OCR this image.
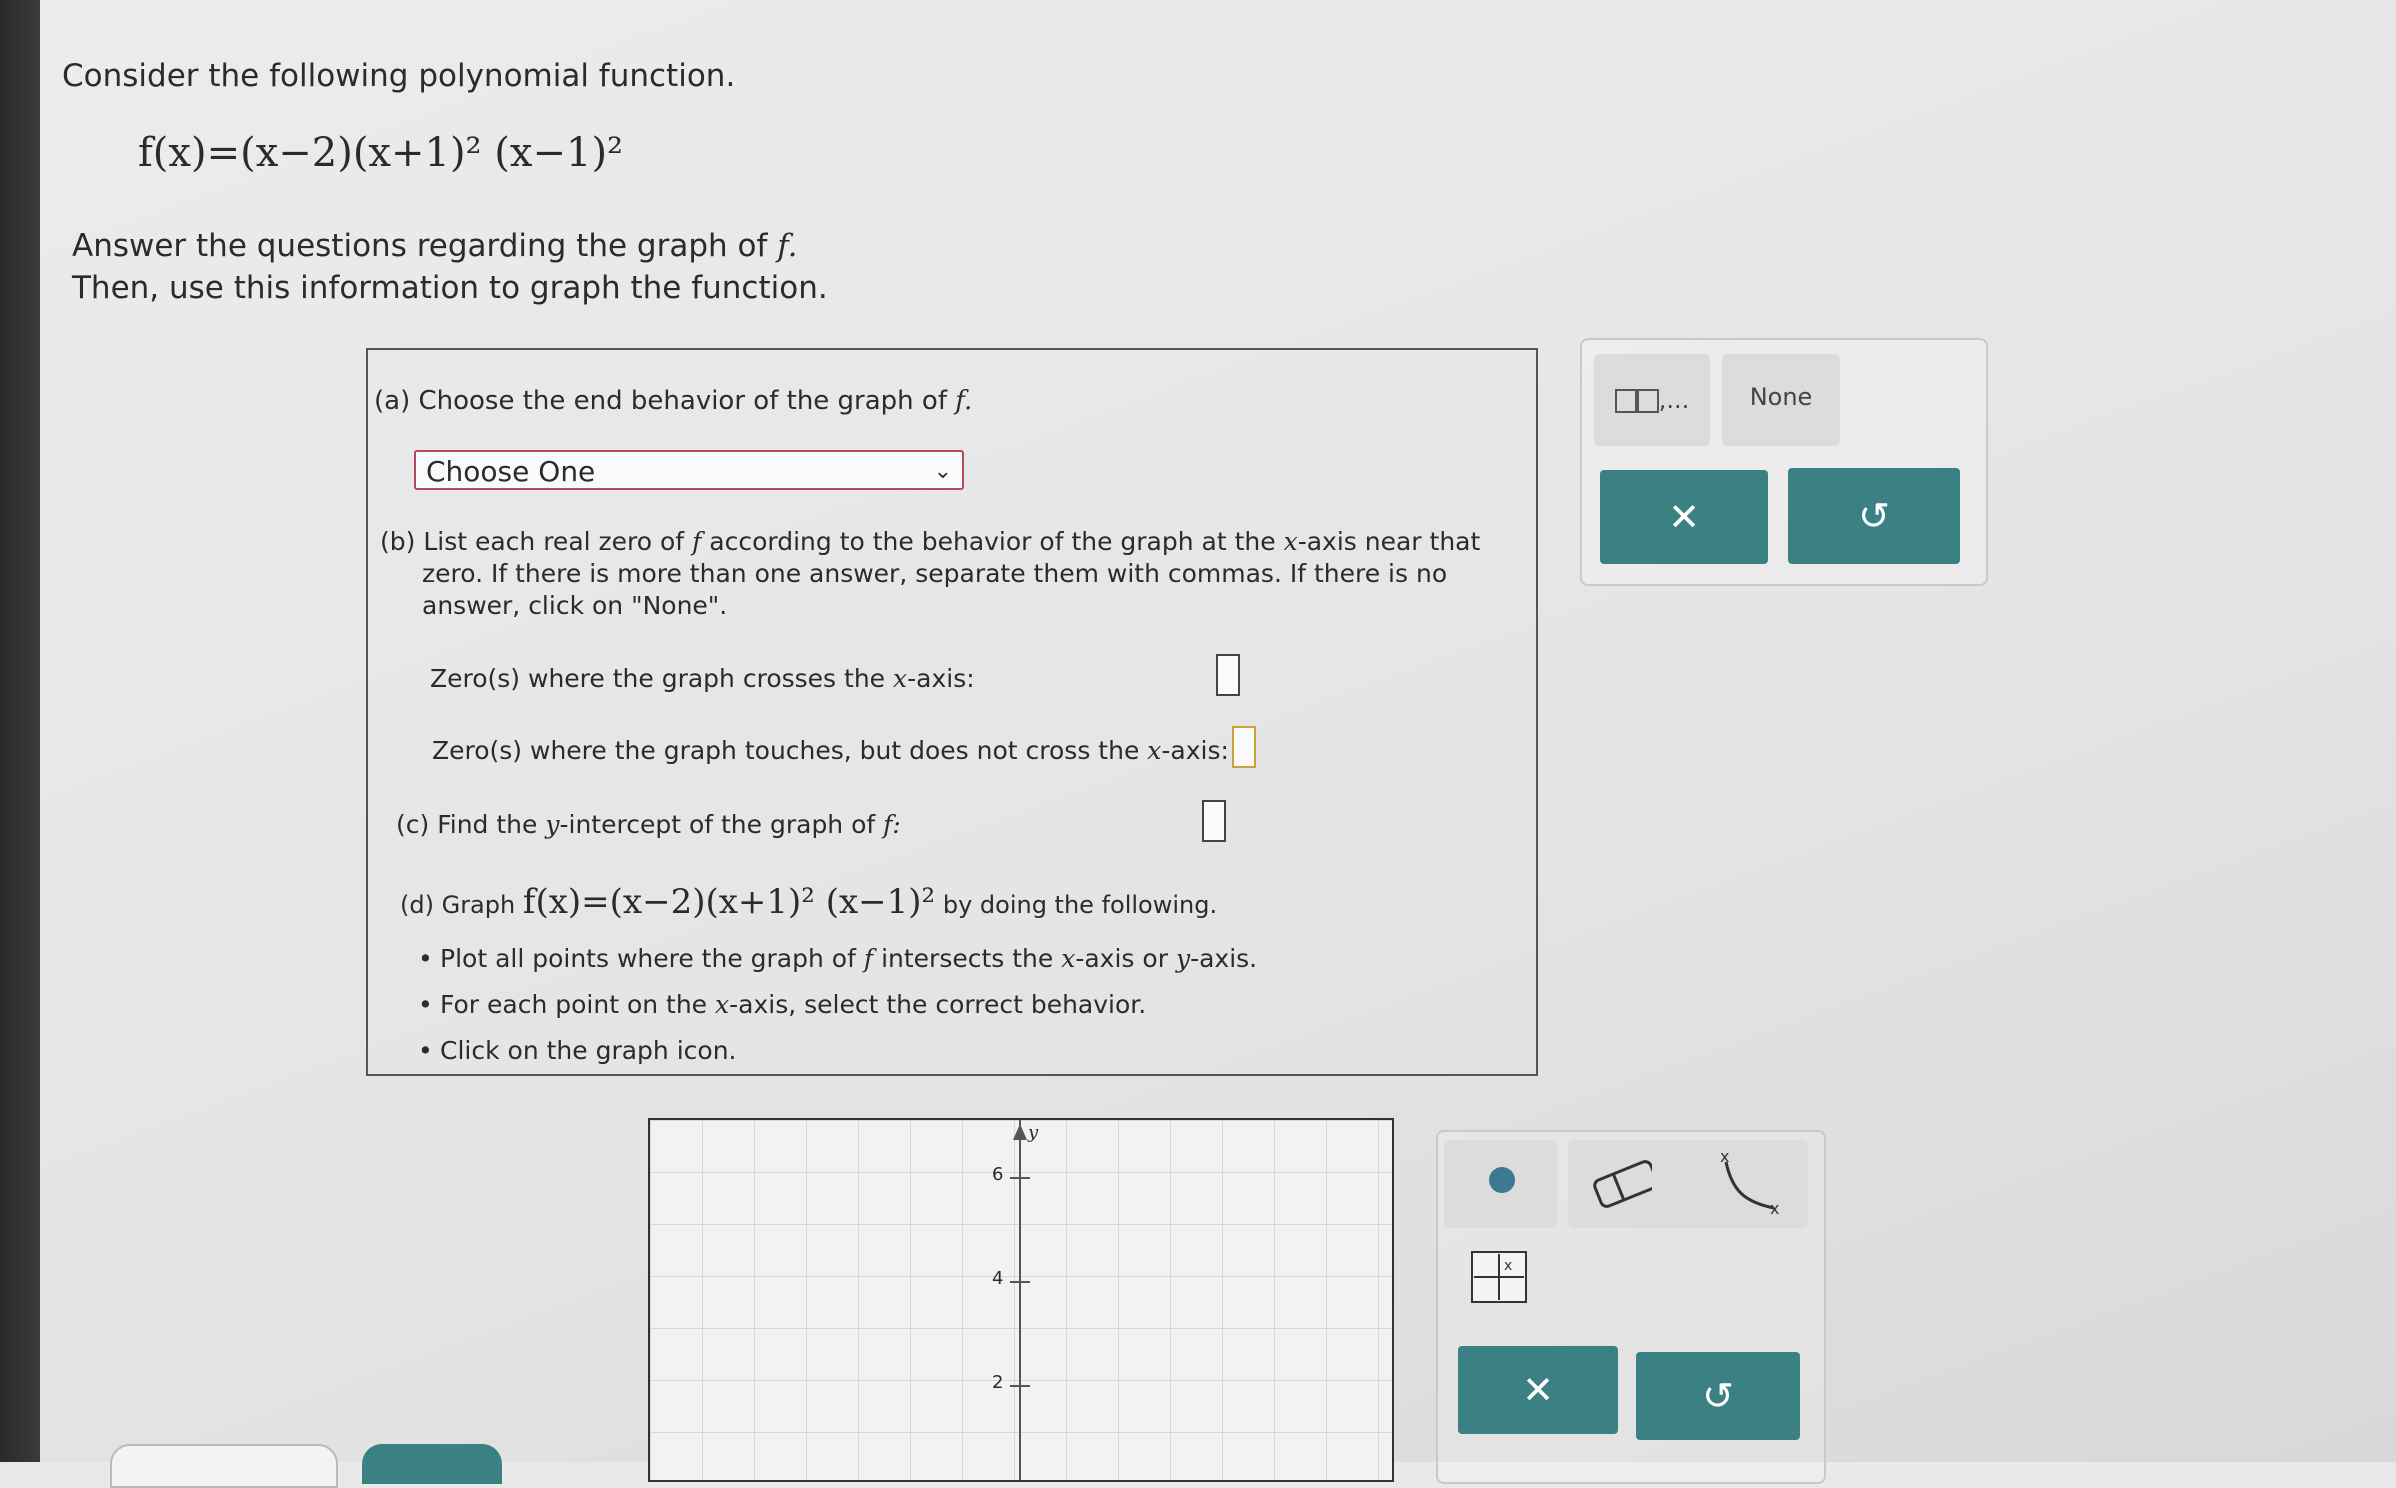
Consider the following polynomial function.
f(x)=(x−2)(x+1)² (x−1)²
Answer the questions regarding the graph of f.
Then, use this information to graph the function.
(a) Choose the end behavior of the graph of f.
Choose One	⌄
(b) List each real zero of f according to the behavior of the graph at the x-axis near that
zero. If there is more than one answer, separate them with commas. If there is no answer, click on "None".
Zero(s) where the graph crosses the x-axis:
Zero(s) where the graph touches, but does not cross the x-axis:
(c) Find the y-intercept of the graph of f:
(d) Graph f(x)=(x−2)(x+1)² (x−1)² by doing the following.
• Plot all points where the graph of f intersects the x-axis or y-axis.
• For each point on the x-axis, select the correct behavior.
• Click on the graph icon.
,...	None
✕	↺
y
6
4
2
x
x
x
✕	↺
